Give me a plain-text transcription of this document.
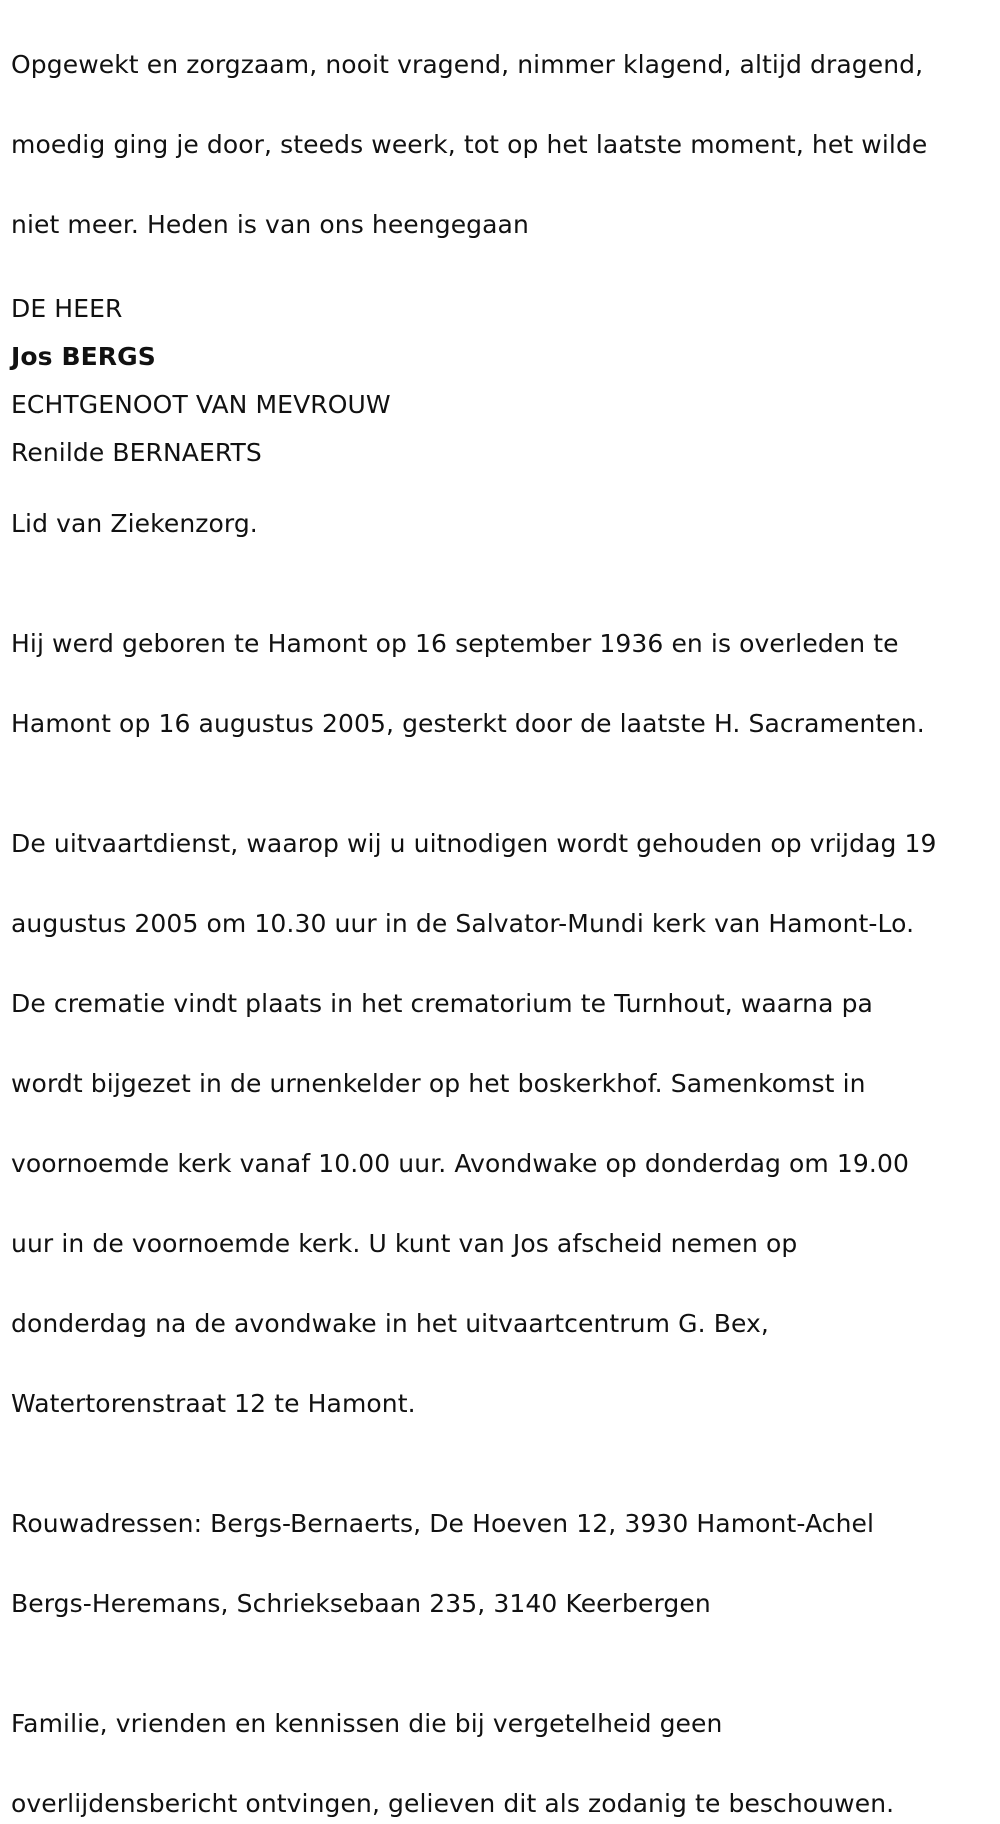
Opgewekt en zorgzaam, nooit vragend, nimmer klagend, altijd dragend,

moedig ging je door, steeds weerk, tot op het laatste moment, het wilde

niet meer. Heden is van ons heengegaan

DE HEER
Jos BERGS
ECHTGENOOT VAN MEVROUW
Renilde BERNAERTS

Lid van Ziekenzorg.

Hij werd geboren te Hamont op 16 september 1936 en is overleden te

Hamont op 16 augustus 2005, gesterkt door de laatste H. Sacramenten.

De uitvaartdienst, waarop wij u uitnodigen wordt gehouden op vrijdag 19

augustus 2005 om 10.30 uur in de Salvator-Mundi kerk van Hamont-Lo.

De crematie vindt plaats in het crematorium te Turnhout, waarna pa

wordt bijgezet in de urnenkelder op het boskerkhof. Samenkomst in

voornoemde kerk vanaf 10.00 uur. Avondwake op donderdag om 19.00

uur in de voornoemde kerk. U kunt van Jos afscheid nemen op

donderdag na de avondwake in het uitvaartcentrum G. Bex,

Watertorenstraat 12 te Hamont.

Rouwadressen: Bergs-Bernaerts, De Hoeven 12, 3930 Hamont-Achel

Bergs-Heremans, Schrieksebaan 235, 3140 Keerbergen

Familie, vrienden en kennissen die bij vergetelheid geen

overlijdensbericht ontvingen, gelieven dit als zodanig te beschouwen.
